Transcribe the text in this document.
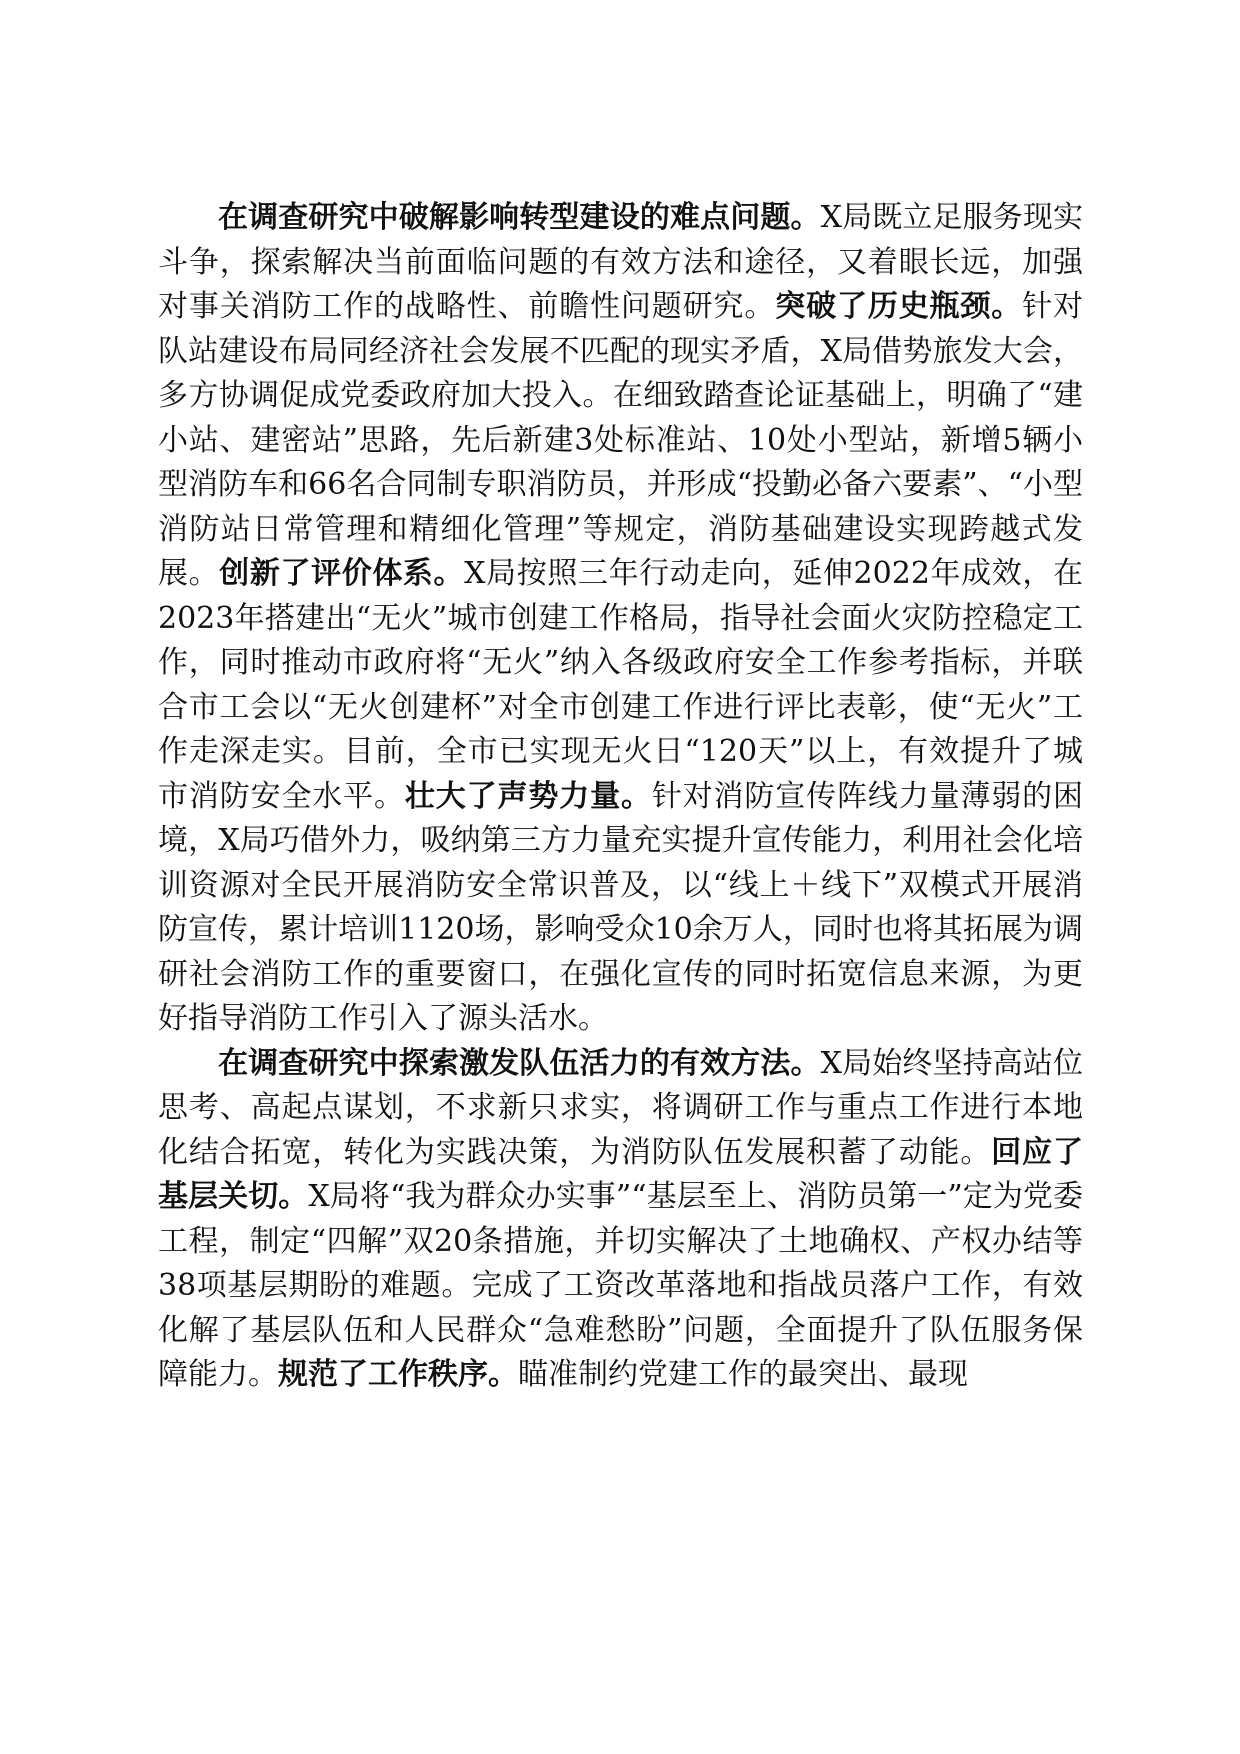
在调查研究中破解影响转型建设的难点问题。X局既立足服务现实斗争，探索解决当前面临问题的有效方法和途径，又着眼长远，加强对事关消防工作的战略性、前瞻性问题研究。突破了历史瓶颈。针对队站建设布局同经济社会发展不匹配的现实矛盾，X局借势旅发大会，多方协调促成党委政府加大投入。在细致踏查论证基础上，明确了“建小站、建密站”思路，先后新建3处标准站、10处小型站，新增5辆小型消防车和66名合同制专职消防员，并形成“投勤必备六要素”、“小型消防站日常管理和精细化管理”等规定，消防基础建设实现跨越式发展。创新了评价体系。X局按照三年行动走向，延伸2022年成效，在2023年搭建出“无火”城市创建工作格局，指导社会面火灾防控稳定工作，同时推动市政府将“无火”纳入各级政府安全工作参考指标，并联合市工会以“无火创建杯”对全市创建工作进行评比表彰，使“无火”工作走深走实。目前，全市已实现无火日“120天”以上，有效提升了城市消防安全水平。壮大了声势力量。针对消防宣传阵线力量薄弱的困境，X局巧借外力，吸纳第三方力量充实提升宣传能力，利用社会化培训资源对全民开展消防安全常识普及，以“线上＋线下”双模式开展消防宣传，累计培训1120场，影响受众10余万人，同时也将其拓展为调研社会消防工作的重要窗口，在强化宣传的同时拓宽信息来源，为更好指导消防工作引入了源头活水。

在调查研究中探索激发队伍活力的有效方法。X局始终坚持高站位思考、高起点谋划，不求新只求实，将调研工作与重点工作进行本地化结合拓宽，转化为实践决策，为消防队伍发展积蓄了动能。回应了基层关切。X局将“我为群众办实事”“基层至上、消防员第一”定为党委工程，制定“四解”双20条措施，并切实解决了土地确权、产权办结等38项基层期盼的难题。完成了工资改革落地和指战员落户工作，有效化解了基层队伍和人民群众“急难愁盼”问题，全面提升了队伍服务保障能力。规范了工作秩序。瞄准制约党建工作的最突出、最现
